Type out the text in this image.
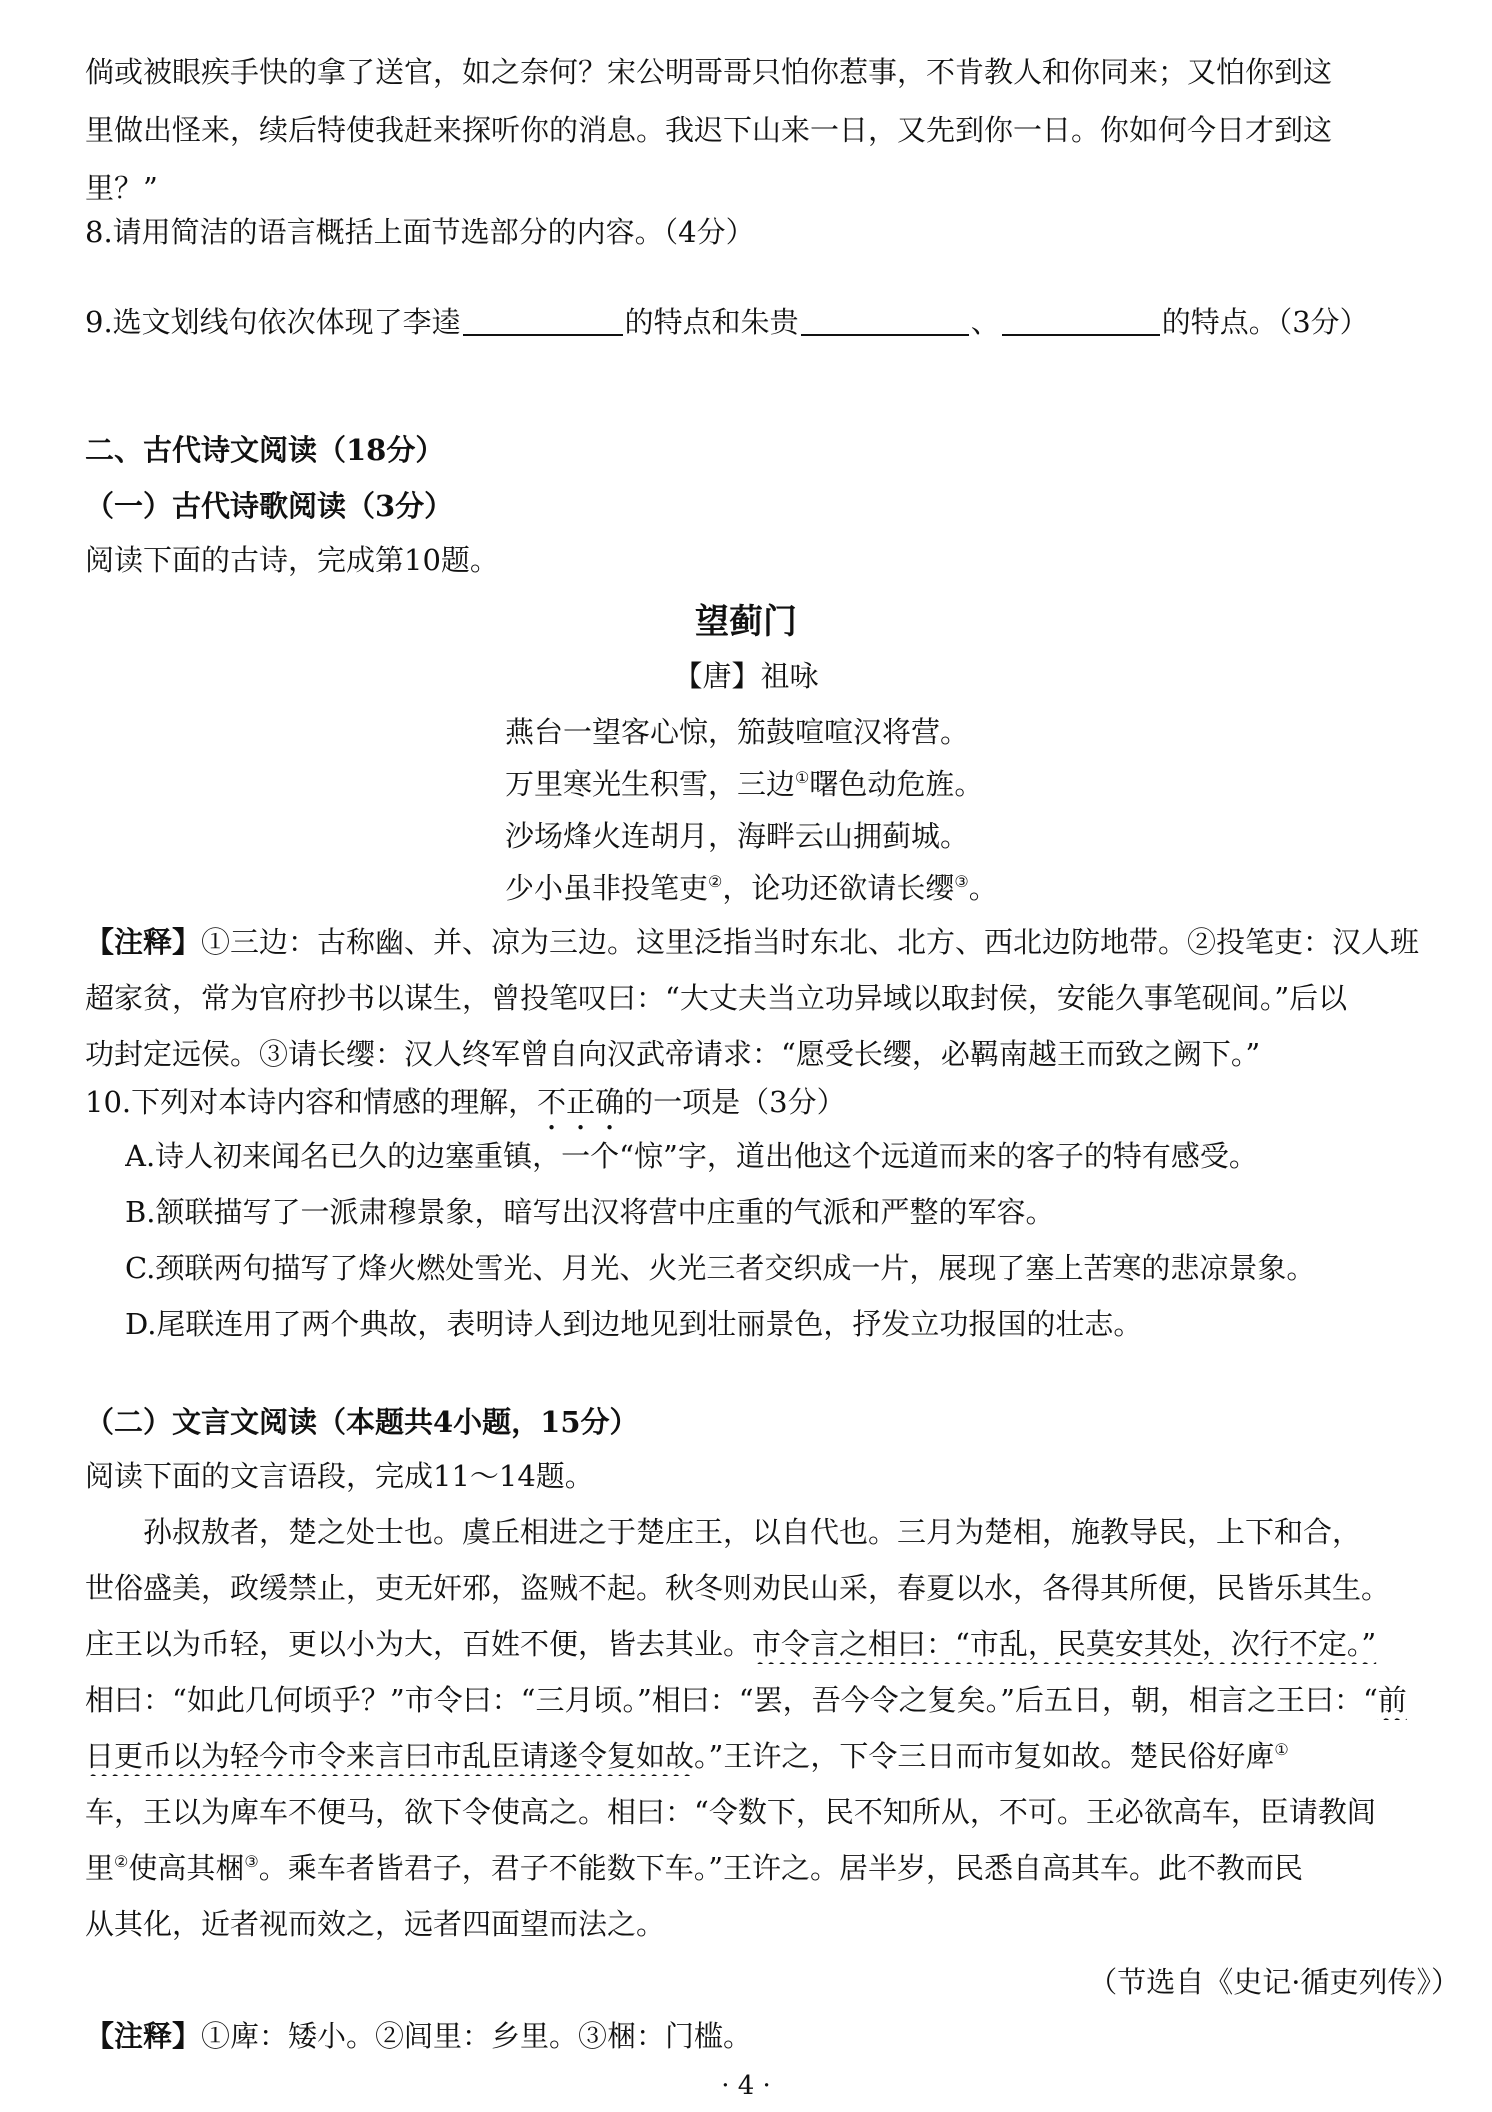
倘或被眼疾手快的拿了送官，如之奈何？宋公明哥哥只怕你惹事，不肯教人和你同来；又怕你到这
里做出怪来，续后特使我赶来探听你的消息。我迟下山来一日，又先到你一日。你如何今日才到这
里？”
8.请用简洁的语言概括上面节选部分的内容。（4分）
9.选文划线句依次体现了李逵	的特点和朱贵	、	的特点。（3分）
二、古代诗文阅读（18分）
（一）古代诗歌阅读（3分）
阅读下面的古诗，完成第10题。
望蓟门
【唐】祖咏
燕台一望客心惊，笳鼓喧喧汉将营。
万里寒光生积雪，三边①曙色动危旌。
沙场烽火连胡月，海畔云山拥蓟城。
少小虽非投笔吏②，论功还欲请长缨③。
【注释】①三边：古称幽、并、凉为三边。这里泛指当时东北、北方、西北边防地带。②投笔吏：汉人班
超家贫，常为官府抄书以谋生，曾投笔叹曰：“大丈夫当立功异域以取封侯，安能久事笔砚间。”后以
功封定远侯。③请长缨：汉人终军曾自向汉武帝请求：“愿受长缨，必羁南越王而致之阙下。”
10.下列对本诗内容和情感的理解，不正确的一项是（3分）
A.诗人初来闻名已久的边塞重镇，一个“惊”字，道出他这个远道而来的客子的特有感受。
B.颔联描写了一派肃穆景象，暗写出汉将营中庄重的气派和严整的军容。
C.颈联两句描写了烽火燃处雪光、月光、火光三者交织成一片，展现了塞上苦寒的悲凉景象。
D.尾联连用了两个典故，表明诗人到边地见到壮丽景色，抒发立功报国的壮志。
（二）文言文阅读（本题共4小题，15分）
阅读下面的文言语段，完成11～14题。
孙叔敖者，楚之处士也。虞丘相进之于楚庄王，以自代也。三月为楚相，施教导民，上下和合，
世俗盛美，政缓禁止，吏无奸邪，盗贼不起。秋冬则劝民山采，春夏以水，各得其所便，民皆乐其生。
庄王以为币轻，更以小为大，百姓不便，皆去其业。市令言之相曰：“市乱，民莫安其处，次行不定。”
相曰：“如此几何顷乎？”市令曰：“三月顷。”相曰：“罢，吾今令之复矣。”后五日，朝，相言之王曰：“前
日更币以为轻今市令来言曰市乱臣请遂令复如故。”王许之，下令三日而市复如故。楚民俗好庳①
车，王以为庳车不便马，欲下令使高之。相曰：“令数下，民不知所从，不可。王必欲高车，臣请教闾
里②使高其梱③。乘车者皆君子，君子不能数下车。”王许之。居半岁，民悉自高其车。此不教而民
从其化，近者视而效之，远者四面望而法之。
（节选自《史记·循吏列传》）
【注释】①庳：矮小。②闾里：乡里。③梱：门槛。
· 4 ·
